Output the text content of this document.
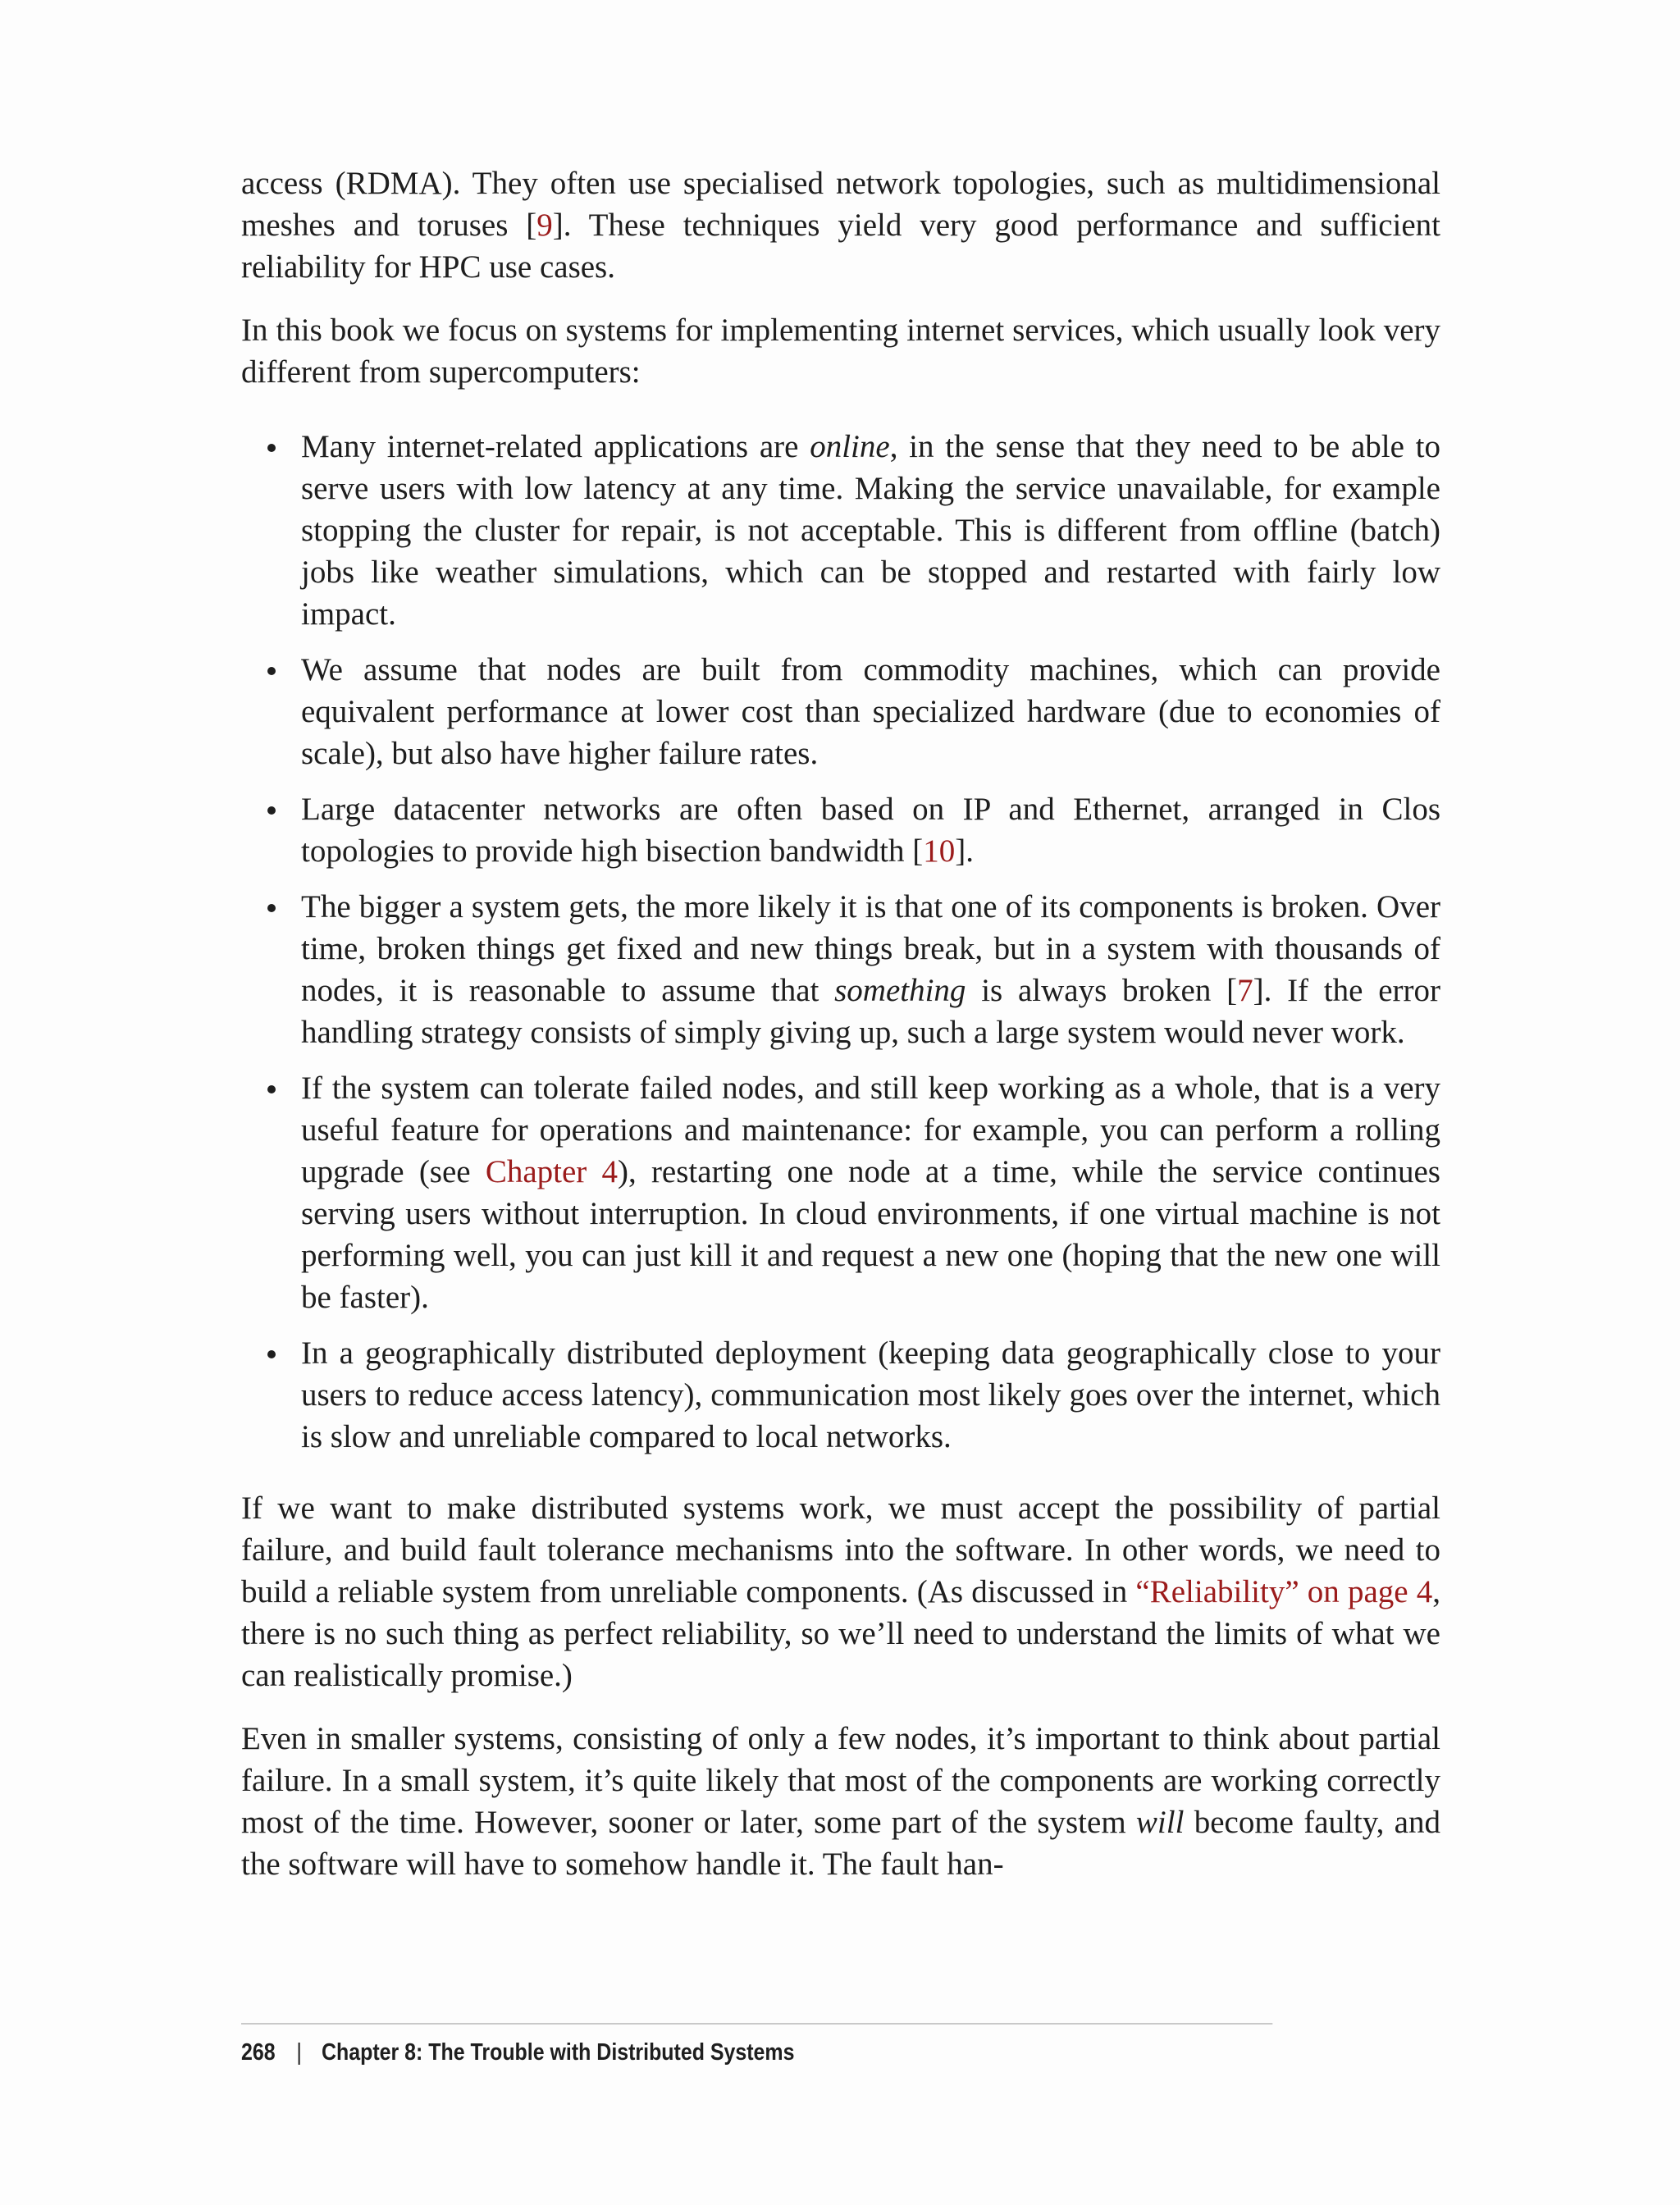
access (RDMA). They often use specialised network topologies, such as multidimensional meshes and toruses [9]. These techniques yield very good performance and sufficient reliability for HPC use cases.

In this book we focus on systems for implementing internet services, which usually look very different from supercomputers:

Many internet-related applications are online, in the sense that they need to be able to serve users with low latency at any time. Making the service unavailable, for example stopping the cluster for repair, is not acceptable. This is different from offline (batch) jobs like weather simulations, which can be stopped and restarted with fairly low impact.
We assume that nodes are built from commodity machines, which can provide equivalent performance at lower cost than specialized hardware (due to economies of scale), but also have higher failure rates.
Large datacenter networks are often based on IP and Ethernet, arranged in Clos topologies to provide high bisection bandwidth [10].
The bigger a system gets, the more likely it is that one of its components is broken. Over time, broken things get fixed and new things break, but in a system with thousands of nodes, it is reasonable to assume that something is always broken [7]. If the error handling strategy consists of simply giving up, such a large system would never work.
If the system can tolerate failed nodes, and still keep working as a whole, that is a very useful feature for operations and maintenance: for example, you can perform a rolling upgrade (see Chapter 4), restarting one node at a time, while the service continues serving users without interruption. In cloud environments, if one virtual machine is not performing well, you can just kill it and request a new one (hoping that the new one will be faster).
In a geographically distributed deployment (keeping data geographically close to your users to reduce access latency), communication most likely goes over the internet, which is slow and unreliable compared to local networks.

If we want to make distributed systems work, we must accept the possibility of partial failure, and build fault tolerance mechanisms into the software. In other words, we need to build a reliable system from unreliable components. (As discussed in “Reliability” on page 4, there is no such thing as perfect reliability, so we’ll need to understand the limits of what we can realistically promise.)

Even in smaller systems, consisting of only a few nodes, it’s important to think about partial failure. In a small system, it’s quite likely that most of the components are working correctly most of the time. However, sooner or later, some part of the system will become faulty, and the software will have to somehow handle it. The fault han-

268 | Chapter 8: The Trouble with Distributed Systems
